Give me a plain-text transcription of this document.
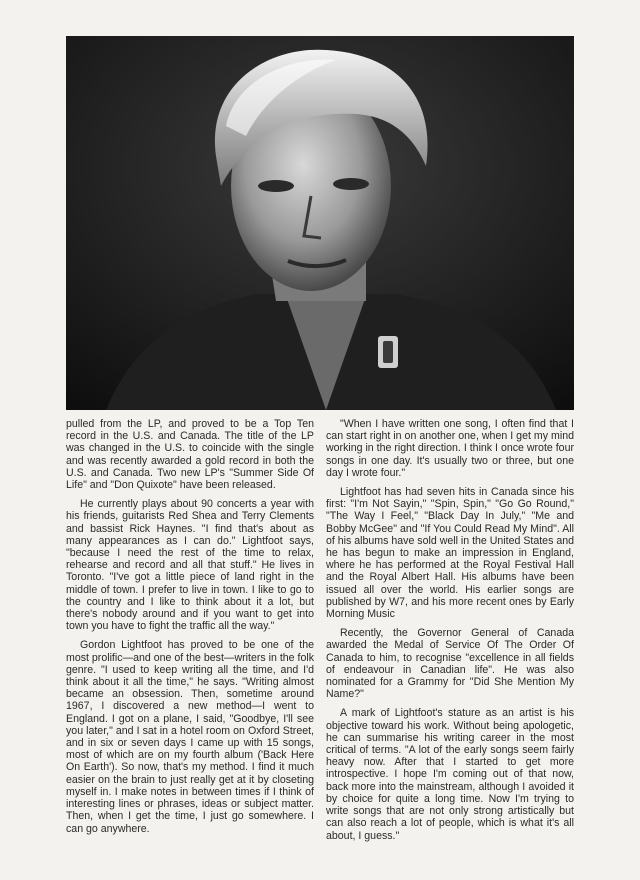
pulled from the LP, and proved to be a Top Ten record in the U.S. and Canada. The title of the LP was changed in the U.S. to coincide with the single and was recently awarded a gold record in both the U.S. and Canada. Two new LP's "Summer Side Of Life" and "Don Quixote" have been released.

He currently plays about 90 concerts a year with his friends, guitarists Red Shea and Terry Clements and bassist Rick Haynes. "I find that's about as many appearances as I can do." Lightfoot says, "because I need the rest of the time to relax, rehearse and record and all that stuff." He lives in Toronto. "I've got a little piece of land right in the middle of town. I prefer to live in town. I like to go to the country and I like to think about it a lot, but there's nobody around and if you want to get into town you have to fight the traffic all the way."

Gordon Lightfoot has proved to be one of the most prolific—and one of the best—writers in the folk genre. "I used to keep writing all the time, and I'd think about it all the time," he says. "Writing almost became an obsession. Then, sometime around 1967, I discovered a new method—I went to England. I got on a plane, I said, "Goodbye, I'll see you later," and I sat in a hotel room on Oxford Street, and in six or seven days I came up with 15 songs, most of which are on my fourth album ('Back Here On Earth'). So now, that's my method. I find it much easier on the brain to just really get at it by closeting myself in. I make notes in between times if I think of interesting lines or phrases, ideas or subject matter. Then, when I get the time, I just go somewhere. I can go anywhere.

"When I have written one song, I often find that I can start right in on another one, when I get my mind working in the right direction. I think I once wrote four songs in one day. It's usually two or three, but one day I wrote four."

Lightfoot has had seven hits in Canada since his first: "I'm Not Sayin," "Spin, Spin," "Go Go Round," "The Way I Feel," "Black Day In July," "Me and Bobby McGee" and "If You Could Read My Mind". All of his albums have sold well in the United States and he has begun to make an impression in England, where he has performed at the Royal Festival Hall and the Royal Albert Hall. His albums have been issued all over the world. His earlier songs are published by W7, and his more recent ones by Early Morning Music

Recently, the Governor General of Canada awarded the Medal of Service Of The Order Of Canada to him, to recognise "excellence in all fields of endeavour in Canadian life". He was also nominated for a Grammy for "Did She Mention My Name?"

A mark of Lightfoot's stature as an artist is his objective toward his work. Without being apologetic, he can summarise his writing career in the most critical of terms. "A lot of the early songs seem fairly heavy now. After that I started to get more introspective. I hope I'm coming out of that now, back more into the mainstream, although I avoided it by choice for quite a long time. Now I'm trying to write songs that are not only strong artistically but can also reach a lot of people, which is what it's all about, I guess."
